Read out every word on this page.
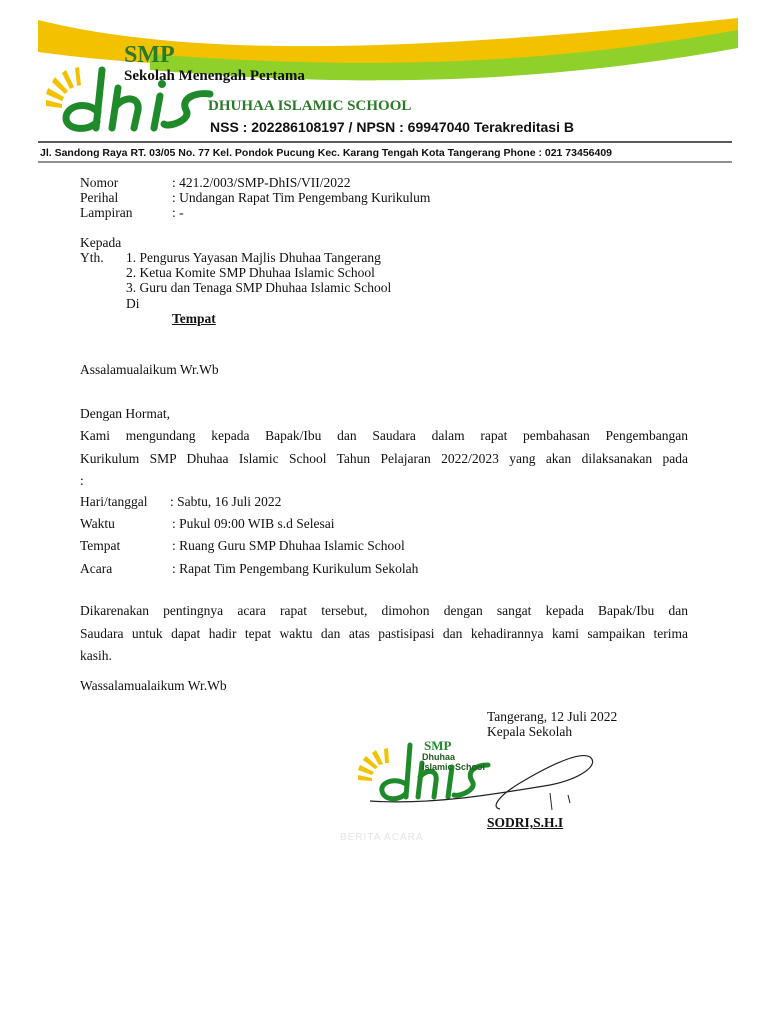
SMP
Sekolah Menengah Pertama
DHUHAA ISLAMIC SCHOOL
NSS : 202286108197 / NPSN : 69947040 Terakreditasi B
Jl. Sandong Raya RT. 03/05 No. 77 Kel. Pondok Pucung Kec. Karang Tengah Kota Tangerang Phone : 021 73456409
Nomor	: 421.2/003/SMP-DhIS/VII/2022
Perihal	: Undangan Rapat Tim Pengembang Kurikulum
Lampiran	: -
Kepada
Yth. 1. Pengurus Yayasan Majlis Dhuhaa Tangerang
2. Ketua Komite SMP Dhuhaa Islamic School
3. Guru dan Tenaga SMP Dhuhaa Islamic School
Di
Tempat
Assalamualaikum Wr.Wb
Dengan Hormat,
Kami mengundang kepada Bapak/Ibu dan Saudara dalam rapat pembahasan Pengembangan
Kurikulum SMP Dhuhaa Islamic School Tahun Pelajaran 2022/2023 yang akan dilaksanakan pada
:
Hari/tanggal : Sabtu, 16 Juli 2022
Waktu	: Pukul 09:00 WIB s.d Selesai
Tempat	: Ruang Guru SMP Dhuhaa Islamic School
Acara	: Rapat Tim Pengembang Kurikulum Sekolah
Dikarenakan pentingnya acara rapat tersebut, dimohon dengan sangat kepada Bapak/Ibu dan
Saudara untuk dapat hadir tepat waktu dan atas pastisipasi dan kehadirannya kami sampaikan terima
kasih.
Wassalamualaikum Wr.Wb
Tangerang, 12 Juli 2022
Kepala Sekolah
SMP
Dhuhaa
Islamic School
SODRI,S.H.I
BERITA ACARA
